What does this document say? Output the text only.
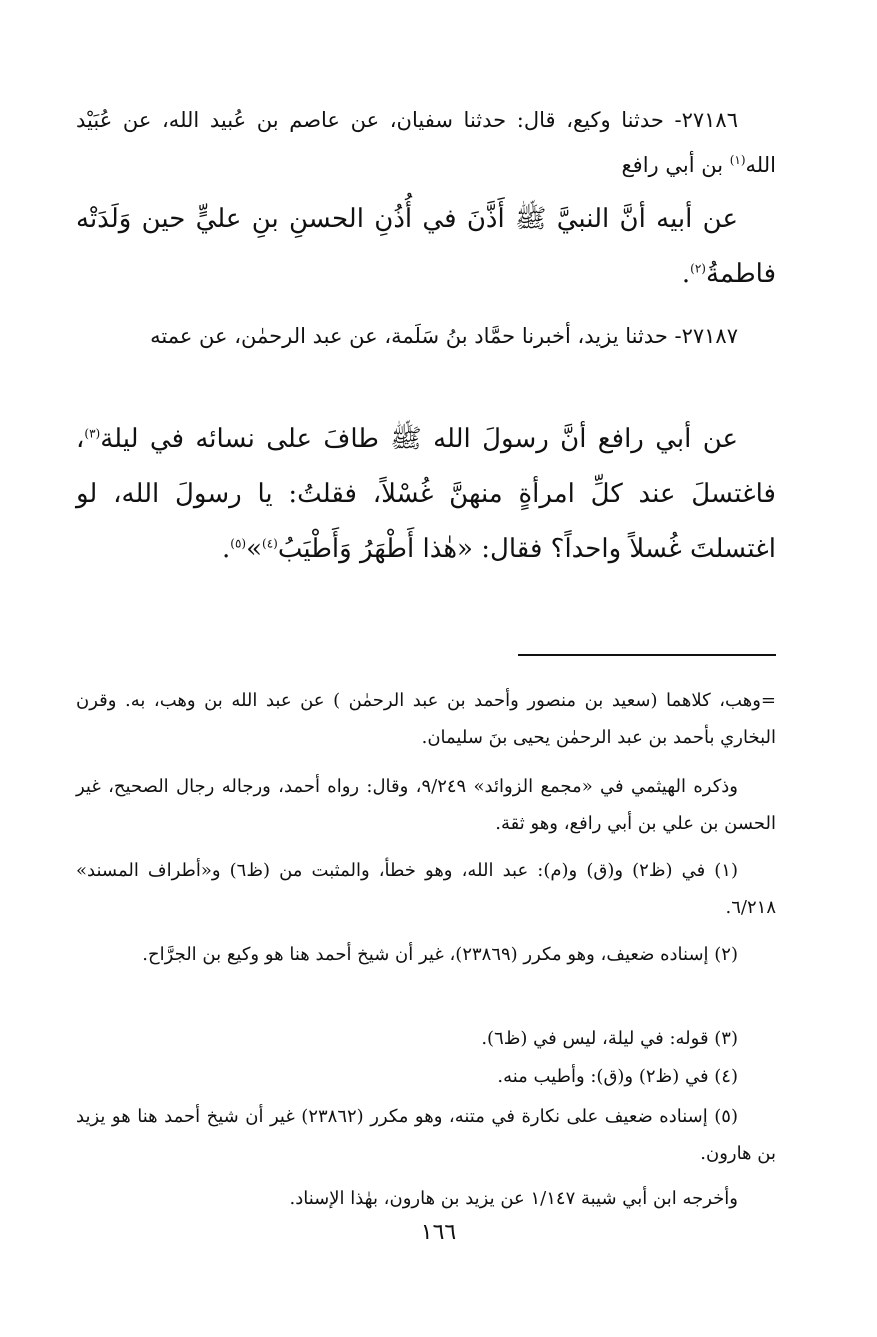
٢٧١٨٦- حدثنا وكيع، قال: حدثنا سفيان، عن عاصم بن عُبيد الله، عن عُبَيْد الله$^{(١)}$ بن أبي رافع
عن أبيه أنَّ النبيَّ ﷺ أَذَّنَ في أُذُنِ الحسنِ بنِ عليٍّ حين وَلَدَتْه فاطمةُ$^{(٢)}$.
٢٧١٨٧- حدثنا يزيد، أخبرنا حمَّاد بنُ سَلَمة، عن عبد الرحمٰن، عن عمته
عن أبي رافع أنَّ رسولَ الله ﷺ طافَ على نسائه في ليلة$^{(٣)}$، فاغتسلَ عند كلِّ امرأةٍ منهنَّ غُسْلاً، فقلتُ: يا رسولَ الله، لو اغتسلتَ غُسلاً واحداً؟ فقال: «هٰذا أَطْهَرُ وَأَطْيَبُ$^{(٤)}$»$^{(٥)}$.
=وهب، كلاهما (سعيد بن منصور وأحمد بن عبد الرحمٰن ) عن عبد الله بن وهب، به. وقرن البخاري بأحمد بن عبد الرحمٰن يحيى بنَ سليمان.
وذكره الهيثمي في «مجمع الزوائد» ٩/٢٤٩، وقال: رواه أحمد، ورجاله رجال الصحيح، غير الحسن بن علي بن أبي رافع، وهو ثقة.
(١) في (ظ٢) و(ق) و(م): عبد الله، وهو خطأ، والمثبت من (ظ٦) و«أطراف المسند» ٦/٢١٨.
(٢) إسناده ضعيف، وهو مكرر (٢٣٨٦٩)، غير أن شيخ أحمد هنا هو وكيع بن الجرَّاح.
(٣) قوله: في ليلة، ليس في (ظ٦).
(٤) في (ظ٢) و(ق): وأطيب منه.
(٥) إسناده ضعيف على نكارة في متنه، وهو مكرر (٢٣٨٦٢) غير أن شيخ أحمد هنا هو يزيد بن هارون.
وأخرجه ابن أبي شيبة ١/١٤٧ عن يزيد بن هارون، بهٰذا الإسناد.
١٦٦
